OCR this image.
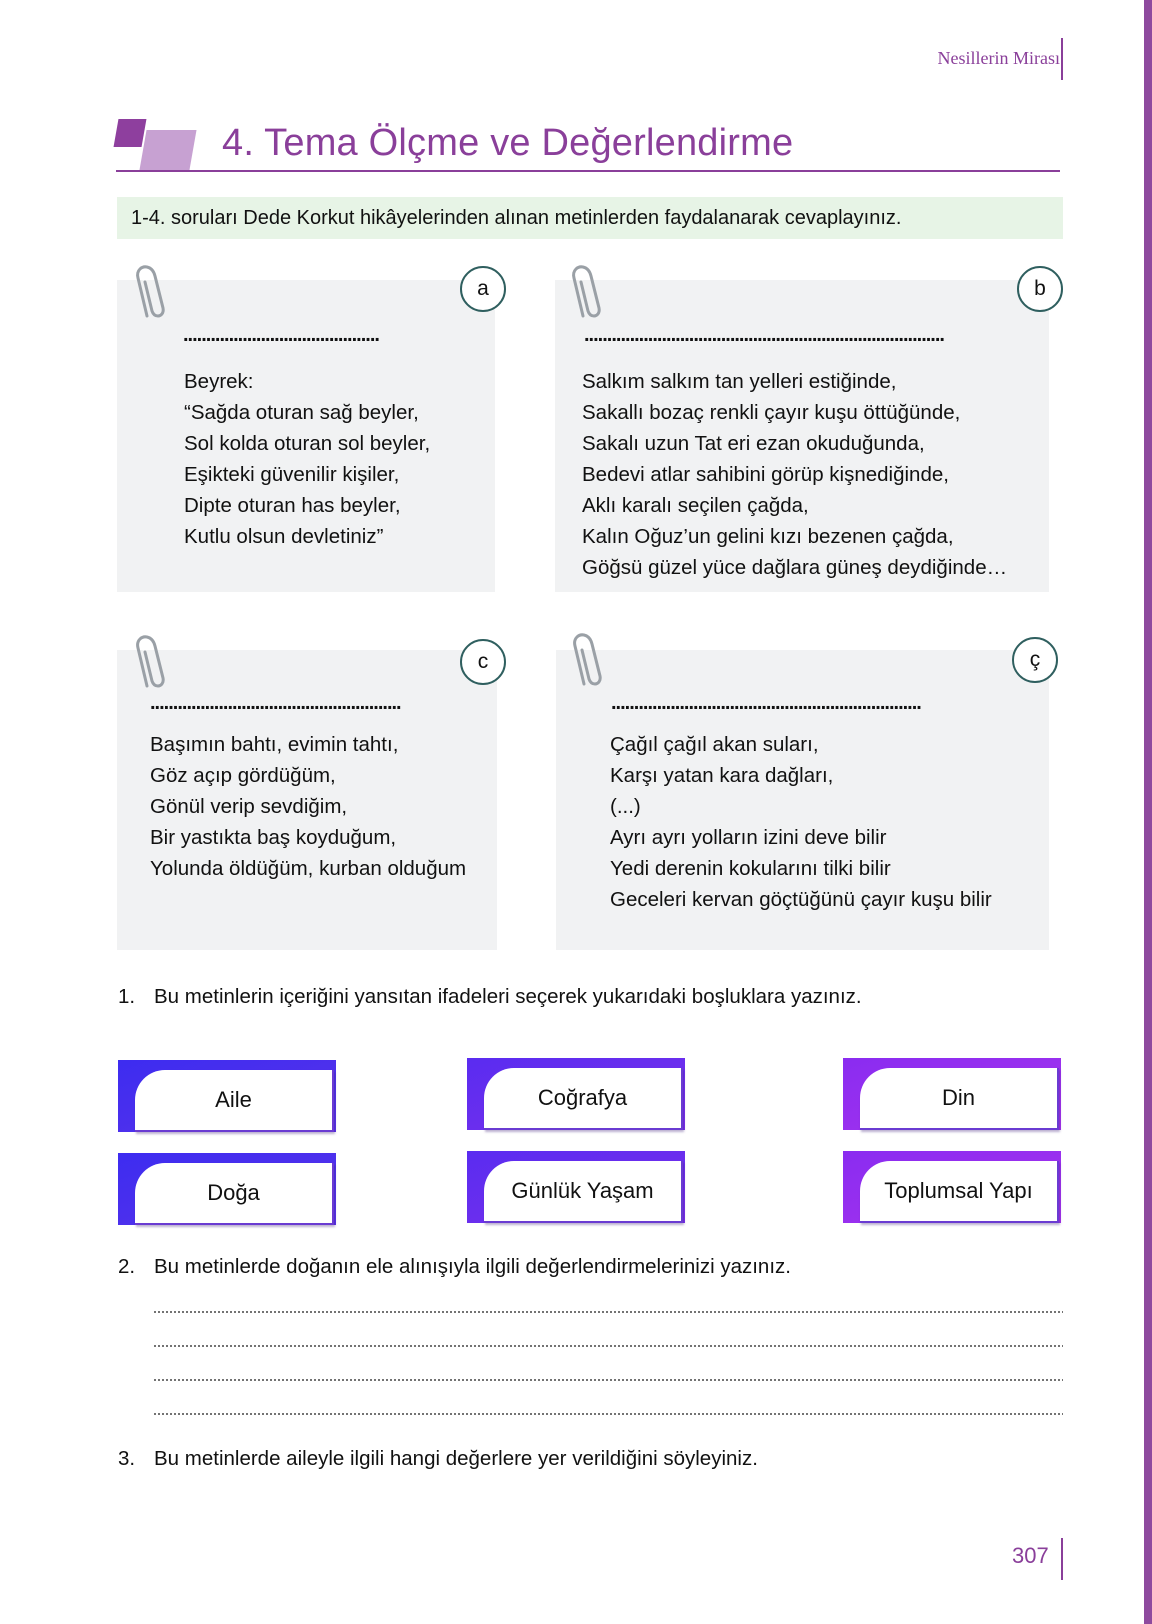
Nesillerin Mirası
4. Tema Ölçme ve Değerlendirme
1-4. soruları Dede Korkut hikâyelerinden alınan metinlerden faydalanarak cevaplayınız.
a
...........................................
Beyrek:
“Sağda oturan sağ beyler,
Sol kolda oturan sol beyler,
Eşikteki güvenilir kişiler,
Dipte oturan has beyler,
Kutlu olsun devletiniz”
b
...............................................................................
Salkım salkım tan yelleri estiğinde,
Sakallı bozaç renkli çayır kuşu öttüğünde,
Sakalı uzun Tat eri ezan okuduğunda,
Bedevi atlar sahibini görüp kişnediğinde,
Aklı karalı seçilen çağda,
Kalın Oğuz’un gelini kızı bezenen çağda,
Göğsü güzel yüce dağlara güneş deydiğinde…
c
.......................................................
Başımın bahtı, evimin tahtı,
Göz açıp gördüğüm,
Gönül verip sevdiğim,
Bir yastıkta baş koyduğum,
Yolunda öldüğüm, kurban olduğum
ç
....................................................................
Çağıl çağıl akan suları,
Karşı yatan kara dağları,
(...)
Ayrı ayrı yolların izini deve bilir
Yedi derenin kokularını tilki bilir
Geceleri kervan göçtüğünü çayır kuşu bilir
1. Bu metinlerin içeriğini yansıtan ifadeleri seçerek yukarıdaki boşluklara yazınız.
Aile	Coğrafya	Din
Doğa	Günlük Yaşam	Toplumsal Yapı
2. Bu metinlerde doğanın ele alınışıyla ilgili değerlendirmelerinizi yazınız.
3. Bu metinlerde aileyle ilgili hangi değerlere yer verildiğini söyleyiniz.
307
